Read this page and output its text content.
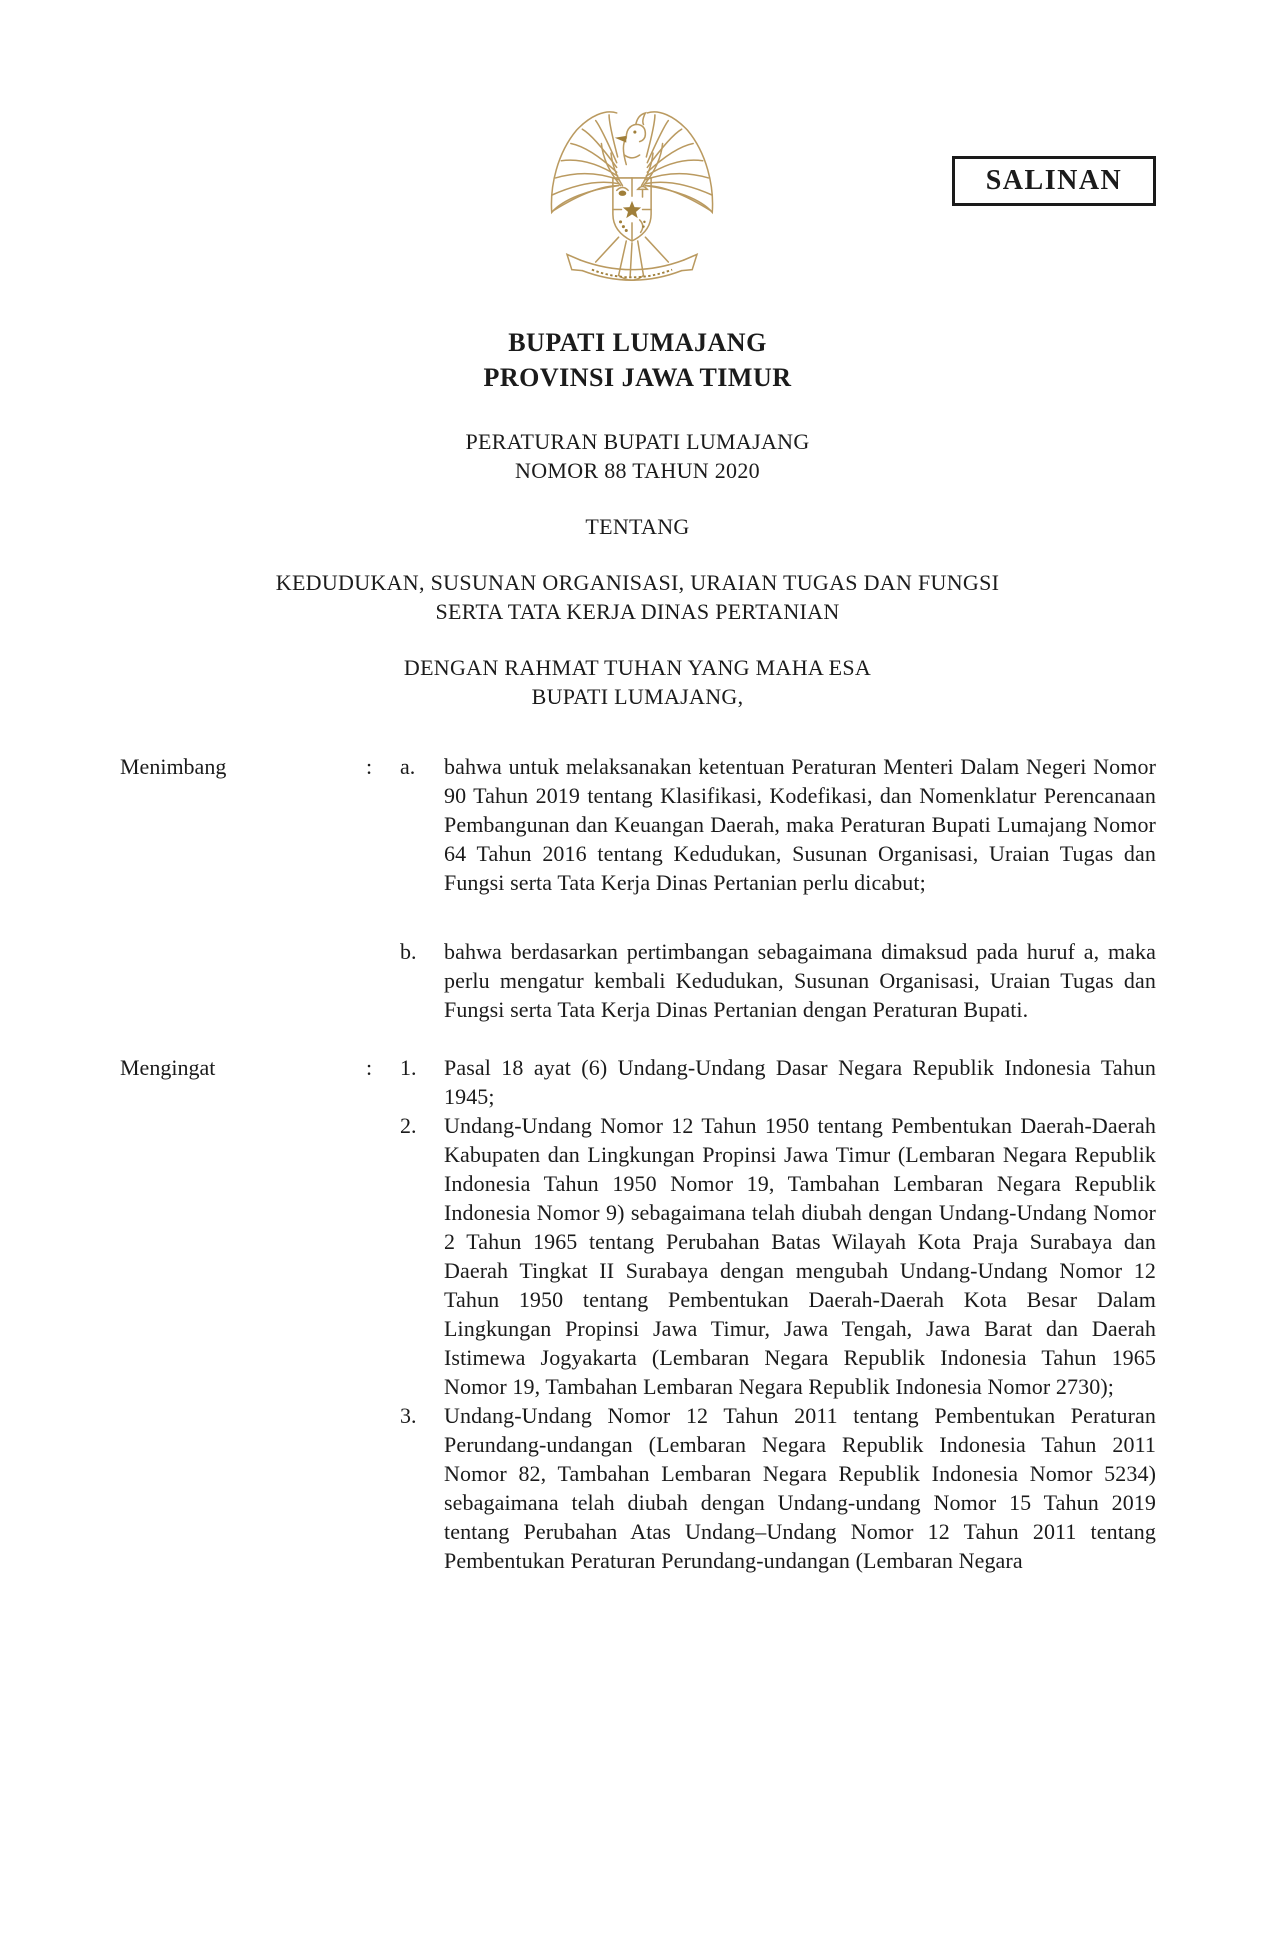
SALINAN
BUPATI LUMAJANG
PROVINSI JAWA TIMUR
PERATURAN BUPATI LUMAJANG
NOMOR 88 TAHUN 2020
TENTANG
KEDUDUKAN, SUSUNAN ORGANISASI, URAIAN TUGAS DAN FUNGSI
SERTA TATA KERJA DINAS PERTANIAN
DENGAN RAHMAT TUHAN YANG MAHA ESA
BUPATI LUMAJANG,
Menimbang	:	a.	bahwa untuk melaksanakan ketentuan Peraturan Menteri Dalam Negeri Nomor 90 Tahun 2019 tentang Klasifikasi, Kodefikasi, dan Nomenklatur Perencanaan Pembangunan dan Keuangan Daerah, maka Peraturan Bupati Lumajang Nomor 64 Tahun 2016 tentang Kedudukan, Susunan Organisasi, Uraian Tugas dan Fungsi serta Tata Kerja Dinas Pertanian perlu dicabut;

b.	bahwa berdasarkan pertimbangan sebagaimana dimaksud pada huruf a, maka perlu mengatur kembali Kedudukan, Susunan Organisasi, Uraian Tugas dan Fungsi serta Tata Kerja Dinas Pertanian dengan Peraturan Bupati.

Mengingat	:	1.	Pasal 18 ayat (6) Undang-Undang Dasar Negara Republik Indonesia Tahun 1945;

2.	Undang-Undang Nomor 12 Tahun 1950 tentang Pembentukan Daerah-Daerah Kabupaten dan Lingkungan Propinsi Jawa Timur (Lembaran Negara Republik Indonesia Tahun 1950 Nomor 19, Tambahan Lembaran Negara Republik Indonesia Nomor 9) sebagaimana telah diubah dengan Undang-Undang Nomor 2 Tahun 1965 tentang Perubahan Batas Wilayah Kota Praja Surabaya dan Daerah Tingkat II Surabaya dengan mengubah Undang-Undang Nomor 12 Tahun 1950 tentang Pembentukan Daerah-Daerah Kota Besar Dalam Lingkungan Propinsi Jawa Timur, Jawa Tengah, Jawa Barat dan Daerah Istimewa Jogyakarta (Lembaran Negara Republik Indonesia Tahun 1965 Nomor 19, Tambahan Lembaran Negara Republik Indonesia Nomor 2730);

3.	Undang-Undang Nomor 12 Tahun 2011 tentang Pembentukan Peraturan Perundang-undangan (Lembaran Negara Republik Indonesia Tahun 2011 Nomor 82, Tambahan Lembaran Negara Republik Indonesia Nomor 5234) sebagaimana telah diubah dengan Undang-undang Nomor 15 Tahun 2019 tentang Perubahan Atas Undang–Undang Nomor 12 Tahun 2011 tentang Pembentukan Peraturan Perundang-undangan (Lembaran Negara
